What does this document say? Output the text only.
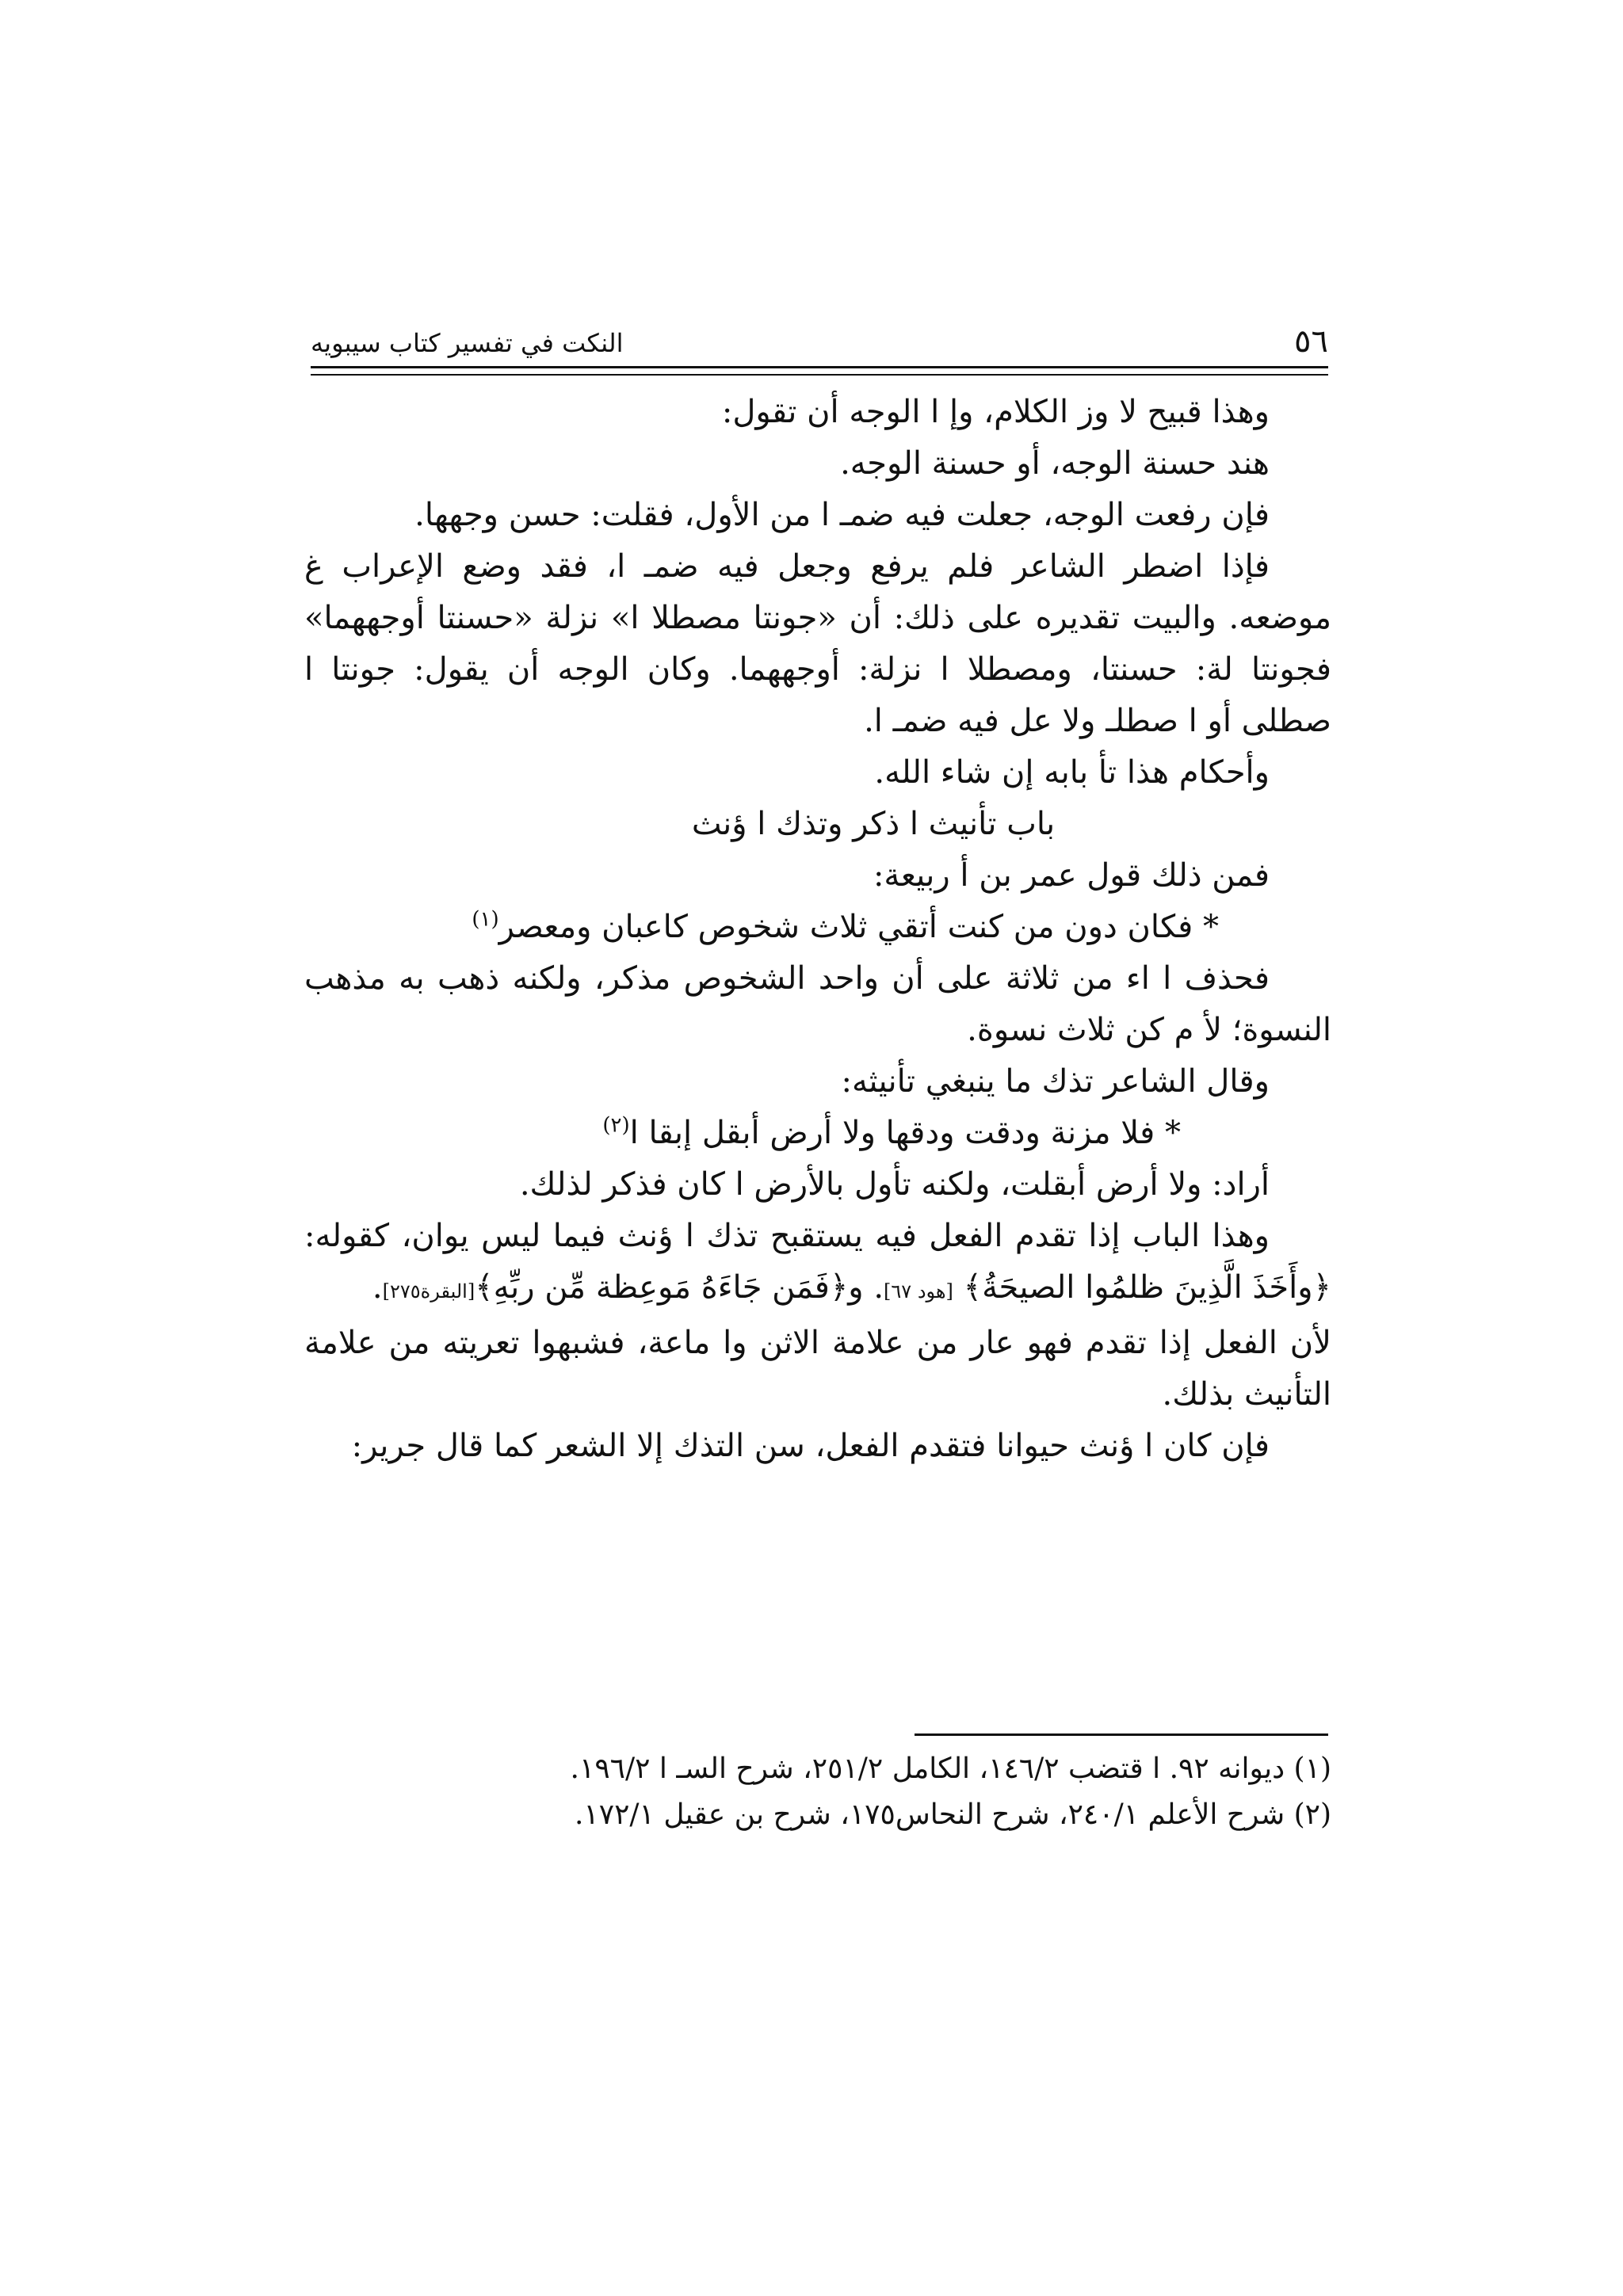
٥٦
النكت في تفسير كتاب سيبويه

وهذا قبيح لا وز الكلام، وإ ا الوجه أن تقول:

هند حسنة الوجه، أو حسنة الوجه.

فإن رفعت الوجه، جعلت فيه ضمـ ا من الأول، فقلت: حسن وجهها.

فإذا اضطر الشاعر فلم يرفع وجعل فيه ضمـ ا، فقد وضع الإعراب غ موضعه. والبيت تقديره على ذلك: أن «جونتا مصطلا ا» نزلة «حسنتا أوجههما» فجونتا لة: حسنتا، ومصطلا ا نزلة: أوجههما. وكان الوجه أن يقول: جونتا ا صطلى أو ا صطلـ ولا عل فيه ضمـ ا.

وأحكام هذا تأ بابه إن شاء الله.

باب تأنيث ا ذكر وتذك ا ؤنث

فمن ذلك قول عمر بن أ ربيعة:

* فكان دون من كنت أتقي ثلاث شخوص كاعبان ومعصر$^{(١)}$

فحذف ا اء من ثلاثة على أن واحد الشخوص مذكر، ولكنه ذهب به مذهب النسوة؛ لأ م كن ثلاث نسوة.

وقال الشاعر تذك ما ينبغي تأنيثه:

* فلا مزنة ودقت ودقها ولا أرض أبقل إبقا ا$^{(٢)}$

أراد: ولا أرض أبقلت، ولكنه تأول بالأرض ا كان فذكر لذلك.

وهذا الباب إذا تقدم الفعل فيه يستقبح تذك ا ؤنث فيما ليس يوان، كقوله: ﴿وأَخَذَ الَّذِينَ ظلمُوا الصيحَةُ﴾ [هود ٦٧]. و﴿فَمَن جَاءَهُ مَوعِظة مِّن ربِّهِ﴾[البقرة٢٧٥].

لأن الفعل إذا تقدم فهو عار من علامة الاثن وا ماعة، فشبهوا تعريته من علامة التأنيث بذلك.

فإن كان ا ؤنث حيوانا فتقدم الفعل، سن التذك إلا الشعر كما قال جرير:

(١) ديوانه ٩٢. ا قتضب ١٤٦/٢، الكامل ٢٥١/٢، شرح السـ ا ١٩٦/٢.

(٢) شرح الأعلم ٢٤٠/١، شرح النحاس١٧٥، شرح بن عقيل ١٧٢/١.
